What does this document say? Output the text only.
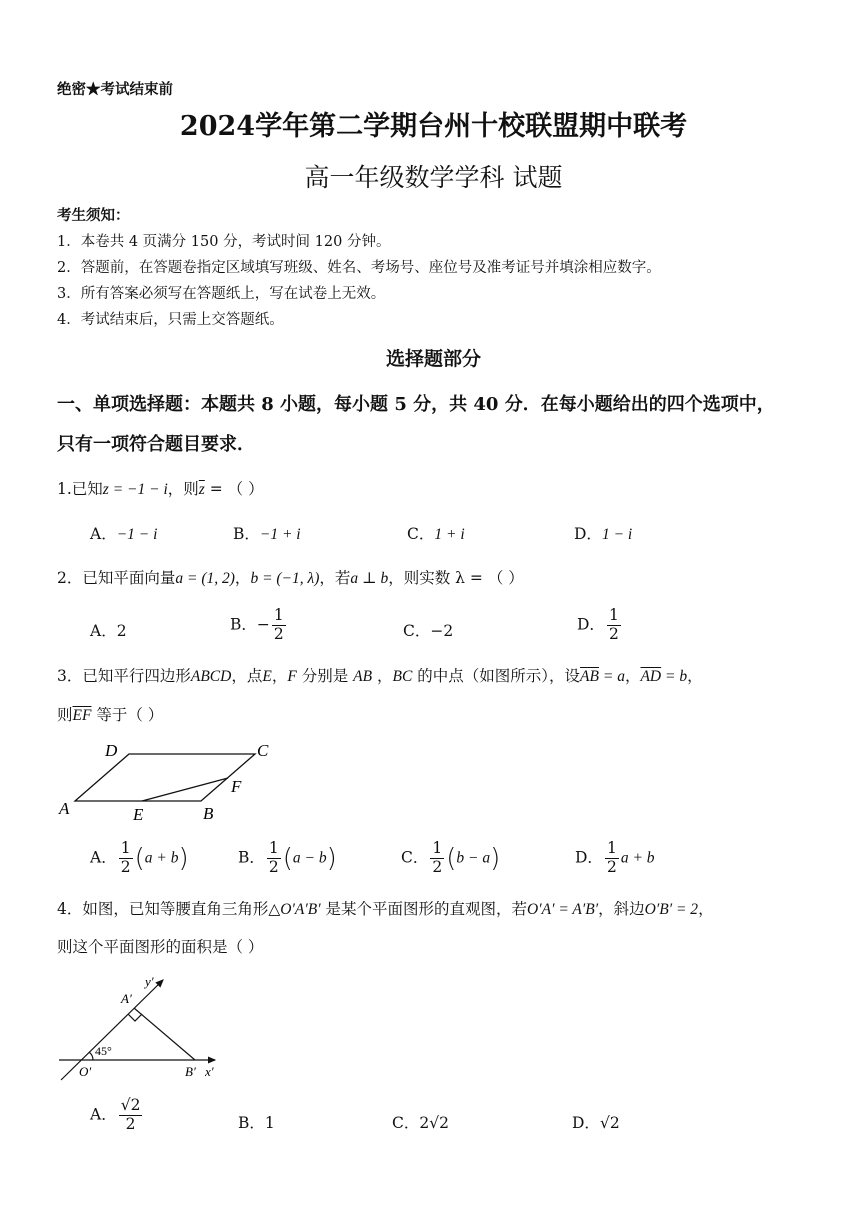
绝密★考试结束前
2024学年第二学期台州十校联盟期中联考
高一年级数学学科 试题
考生须知：
1．本卷共 4 页满分 150 分，考试时间 120 分钟。
2．答题前，在答题卷指定区域填写班级、姓名、考场号、座位号及准考证号并填涂相应数字。
3．所有答案必须写在答题纸上，写在试卷上无效。
4．考试结束后，只需上交答题纸。
选择题部分
一、单项选择题：本题共 8 小题，每小题 5 分，共 40 分．在每小题给出的四个选项中，
只有一项符合题目要求．
1.已知z = −1 − i，则$\overline{z}$ = （ ）
A．−1 − i	B．−1 + i	C．1 + i	D．1 − i
2．已知平面向量a = (1, 2)，b = (−1, λ)，若a ⊥ b，则实数 λ = （ ）
A．2	B．− $\frac{1}{2}$	C．−2	D． $\frac{1}{2}$
3．已知平行四边形ABCD，点E，F 分别是 AB ，BC 的中点（如图所示），设$\overline{AB} = a$，$\overline{AD} = b$，
则$\overline{EF}$ 等于（ ）
D	C
A	E	B
F
A． $\frac{1}{2} (a + b)$	B． $\frac{1}{2} (a - b)$	C． $\frac{1}{2} (b - a)$	D． $\frac{1}{2}$ a + b
4．如图，已知等腰直角三角形△O′A′B′ 是某个平面图形的直观图，若O′A′ = A′B′，斜边O′B′ = 2，
则这个平面图形的面积是（ ）
y′
A′
45°
O′	B′ x′
A． $\frac{√2}{2}$	B．1	C．2√2	D．√2
